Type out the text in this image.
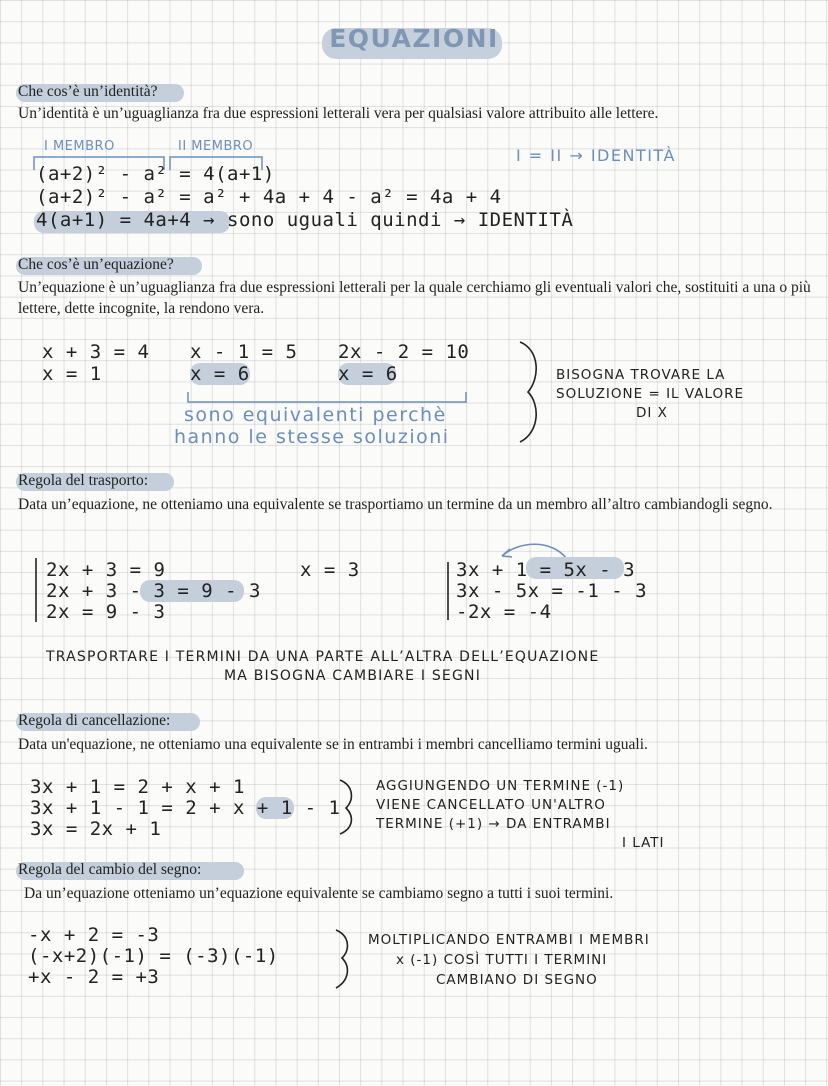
EQUAZIONI
Che cos’è un’identità?
Un’identità è un’uguaglianza fra due espressioni letterali vera per qualsiasi valore attribuito alle lettere.
I MEMBRO	II MEMBRO	I = II → IDENTITÀ
(a+2)² - a² = 4(a+1)
(a+2)² - a² = a² + 4a + 4 - a² = 4a + 4
4(a+1) = 4a+4 → sono uguali quindi → IDENTITÀ
Che cos’è un’equazione?
Un’equazione è un’uguaglianza fra due espressioni letterali per la quale cerchiamo gli eventuali valori che, sostituiti a una o più lettere, dette incognite, la rendono vera.
x + 3 = 4
x = 1
x - 1 = 5
x = 6
2x - 2 = 10
x = 6
sono equivalenti perchè
hanno le stesse soluzioni
BISOGNA TROVARE LA
SOLUZIONE = IL VALORE
DI X
Regola del trasporto:
Data un’equazione, ne otteniamo una equivalente se trasportiamo un termine da un membro all’altro cambiandogli segno.
2x + 3 = 9
2x + 3 - 3 = 9 - 3
2x = 9 - 3
x = 3	3x + 1 = 5x - 3
3x - 5x = -1 - 3
-2x = -4
TRASPORTARE I TERMINI DA UNA PARTE ALL’ALTRA DELL’EQUAZIONE
MA BISOGNA CAMBIARE I SEGNI
Regola di cancellazione:
Data un'equazione, ne otteniamo una equivalente se in entrambi i membri cancelliamo termini uguali.
3x + 1 = 2 + x + 1
3x + 1 - 1 = 2 + x + 1 - 1
3x = 2x + 1
AGGIUNGENDO UN TERMINE (-1)
VIENE CANCELLATO UN'ALTRO
TERMINE (+1) → DA ENTRAMBI
I LATI
Regola del cambio del segno:
Da un’equazione otteniamo un’equazione equivalente se cambiamo segno a tutti i suoi termini.
-x + 2 = -3
(-x+2)(-1) = (-3)(-1)
+x - 2 = +3
MOLTIPLICANDO ENTRAMBI I MEMBRI
x (-1) COSÌ TUTTI I TERMINI
CAMBIANO DI SEGNO
